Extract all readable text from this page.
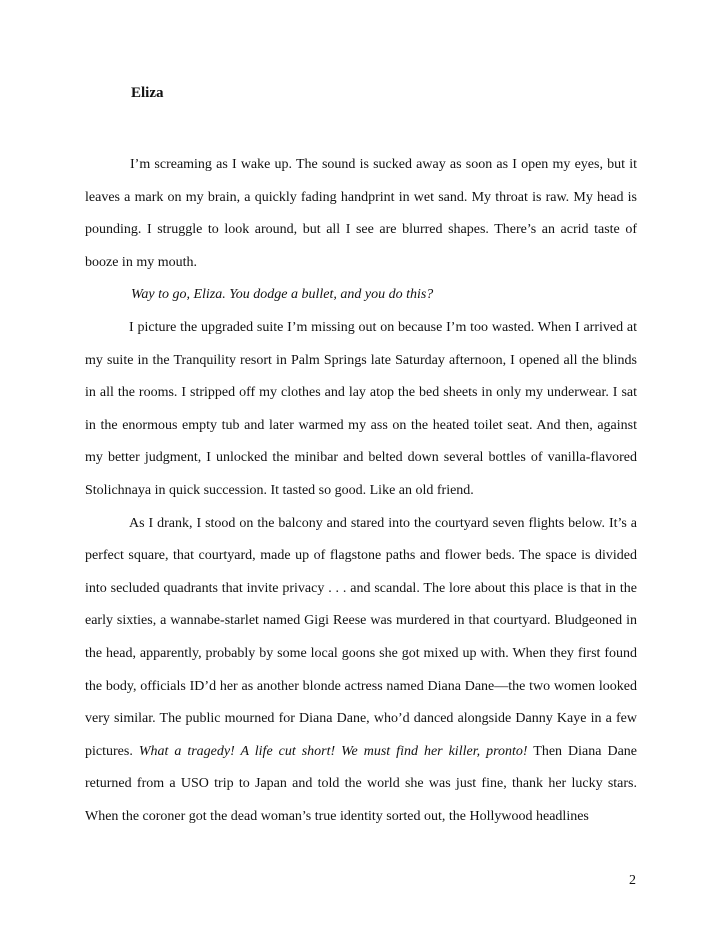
Eliza

I’m screaming as I wake up. The sound is sucked away as soon as I open my eyes, but it leaves a mark on my brain, a quickly fading handprint in wet sand. My throat is raw. My head is pounding. I struggle to look around, but all I see are blurred shapes. There’s an acrid taste of booze in my mouth.

Way to go, Eliza. You dodge a bullet, and you do this?

I picture the upgraded suite I’m missing out on because I’m too wasted. When I arrived at my suite in the Tranquility resort in Palm Springs late Saturday afternoon, I opened all the blinds in all the rooms. I stripped off my clothes and lay atop the bed sheets in only my underwear. I sat in the enormous empty tub and later warmed my ass on the heated toilet seat. And then, against my better judgment, I unlocked the minibar and belted down several bottles of vanilla-flavored Stolichnaya in quick succession. It tasted so good. Like an old friend.

As I drank, I stood on the balcony and stared into the courtyard seven flights below. It’s a perfect square, that courtyard, made up of flagstone paths and flower beds. The space is divided into secluded quadrants that invite privacy . . . and scandal. The lore about this place is that in the early sixties, a wannabe-starlet named Gigi Reese was murdered in that courtyard. Bludgeoned in the head, apparently, probably by some local goons she got mixed up with. When they first found the body, officials ID’d her as another blonde actress named Diana Dane—the two women looked very similar. The public mourned for Diana Dane, who’d danced alongside Danny Kaye in a few pictures. What a tragedy! A life cut short! We must find her killer, pronto! Then Diana Dane returned from a USO trip to Japan and told the world she was just fine, thank her lucky stars. When the coroner got the dead woman’s true identity sorted out, the Hollywood headlines

2
